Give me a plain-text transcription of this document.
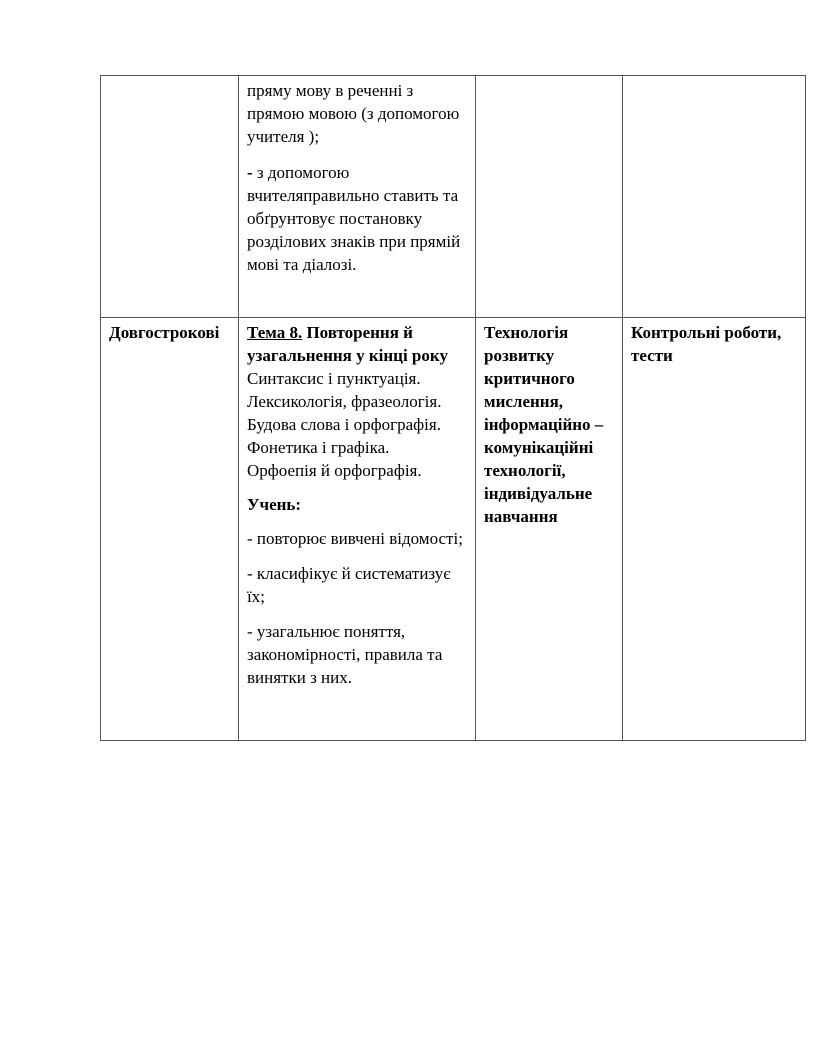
	пряму мову в реченні з прямою мовою (з допомогою учителя );

- з допомогою вчителяправильно ставить та обґрунтовує постановку розділових знаків при прямій мові та діалозі.		

Довгострокові	Тема 8. Повторення й узагальнення у кінці року
Синтаксис і пунктуація.
Лексикологія, фразеологія.
Будова слова і орфографія.
Фонетика і графіка.
Орфоепія й орфографія.

Учень:

- повторює вивчені відомості;

- класифікує й систематизує їх;

- узагальнює поняття, закономірності, правила та винятки з них.

	Технологія розвитку критичного мислення, інформаційно – комунікаційні технології, індивідуальне навчання	Контрольні роботи, тести
